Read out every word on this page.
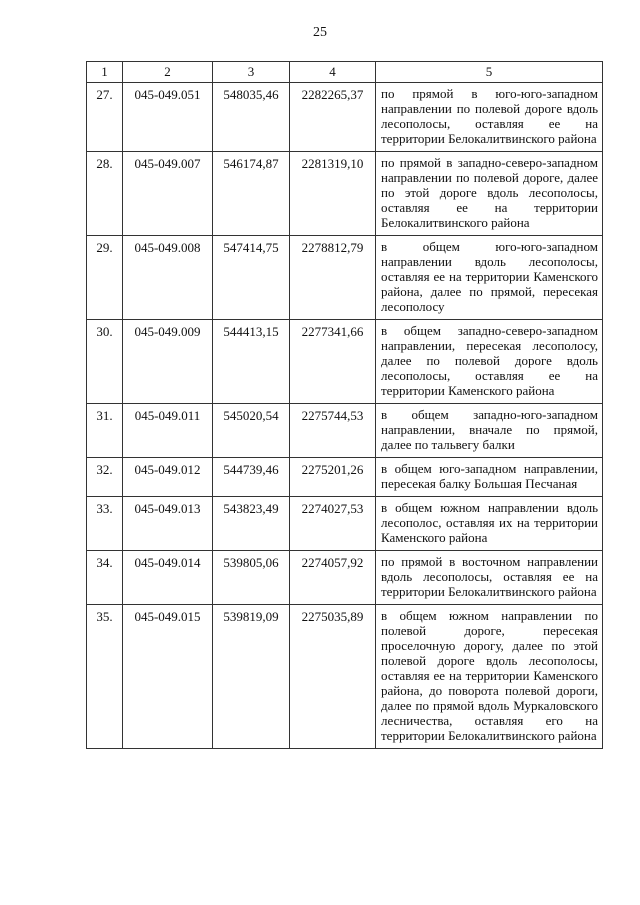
25
1	2	3	4	5
27.	045-049.051	548035,46	2282265,37	по прямой в юго-юго-западном направлении по полевой дороге вдоль лесополосы, оставляя ее на территории Белокалитвинского района
28.	045-049.007	546174,87	2281319,10	по прямой в западно-северо-западном направлении по полевой дороге, далее по этой дороге вдоль лесополосы, оставляя ее на территории Белокалитвинского района
29.	045-049.008	547414,75	2278812,79	в общем юго-юго-западном направлении вдоль лесополосы, оставляя ее на территории Каменского района, далее по прямой, пересекая лесополосу
30.	045-049.009	544413,15	2277341,66	в общем западно-северо-западном направлении, пересекая лесополосу, далее по полевой дороге вдоль лесополосы, оставляя ее на территории Каменского района
31.	045-049.011	545020,54	2275744,53	в общем западно-юго-западном направлении, вначале по прямой, далее по тальвегу балки
32.	045-049.012	544739,46	2275201,26	в общем юго-западном направлении, пересекая балку Большая Песчаная
33.	045-049.013	543823,49	2274027,53	в общем южном направлении вдоль лесополос, оставляя их на территории Каменского района
34.	045-049.014	539805,06	2274057,92	по прямой в восточном направлении вдоль лесополосы, оставляя ее на территории Белокалитвинского района
35.	045-049.015	539819,09	2275035,89	в общем южном направлении по полевой дороге, пересекая проселочную дорогу, далее по этой полевой дороге вдоль лесополосы, оставляя ее на территории Каменского района, до поворота полевой дороги, далее по прямой вдоль Муркаловского лесничества, оставляя его на территории Белокалитвинского района
